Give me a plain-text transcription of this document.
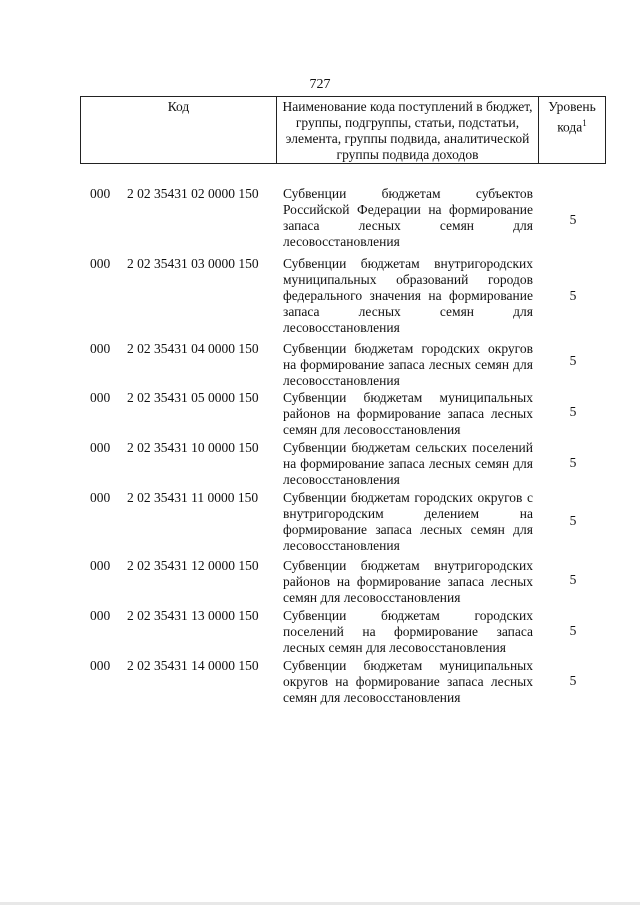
727
Код	Наименование кода поступлений в бюджет, группы, подгруппы, статьи, подстатьи, элемента, группы подвида, аналитической группы подвида доходов
Уровень кода$^1$
000 2 02 35431 02 0000 150 Субвенции бюджетам субъектов Российской Федерации на формирование запаса лесных семян для лесовосстановления
5
000 2 02 35431 03 0000 150 Субвенции бюджетам внутригородских муниципальных образований городов федерального значения на формирование запаса лесных семян для лесовосстановления
5
000 2 02 35431 04 0000 150 Субвенции бюджетам городских округов на формирование запаса лесных семян для лесовосстановления
5
000 2 02 35431 05 0000 150 Субвенции бюджетам муниципальных районов на формирование запаса лесных семян для лесовосстановления
5
000 2 02 35431 10 0000 150 Субвенции бюджетам сельских поселений на формирование запаса лесных семян для лесовосстановления
5
000 2 02 35431 11 0000 150 Субвенции бюджетам городских округов с внутригородским делением на формирование запаса лесных семян для лесовосстановления
5
000 2 02 35431 12 0000 150 Субвенции бюджетам внутригородских районов на формирование запаса лесных семян для лесовосстановления
5
000 2 02 35431 13 0000 150 Субвенции бюджетам городских поселений на формирование запаса лесных семян для лесовосстановления
5
000 2 02 35431 14 0000 150 Субвенции бюджетам муниципальных округов на формирование запаса лесных семян для лесовосстановления
5
